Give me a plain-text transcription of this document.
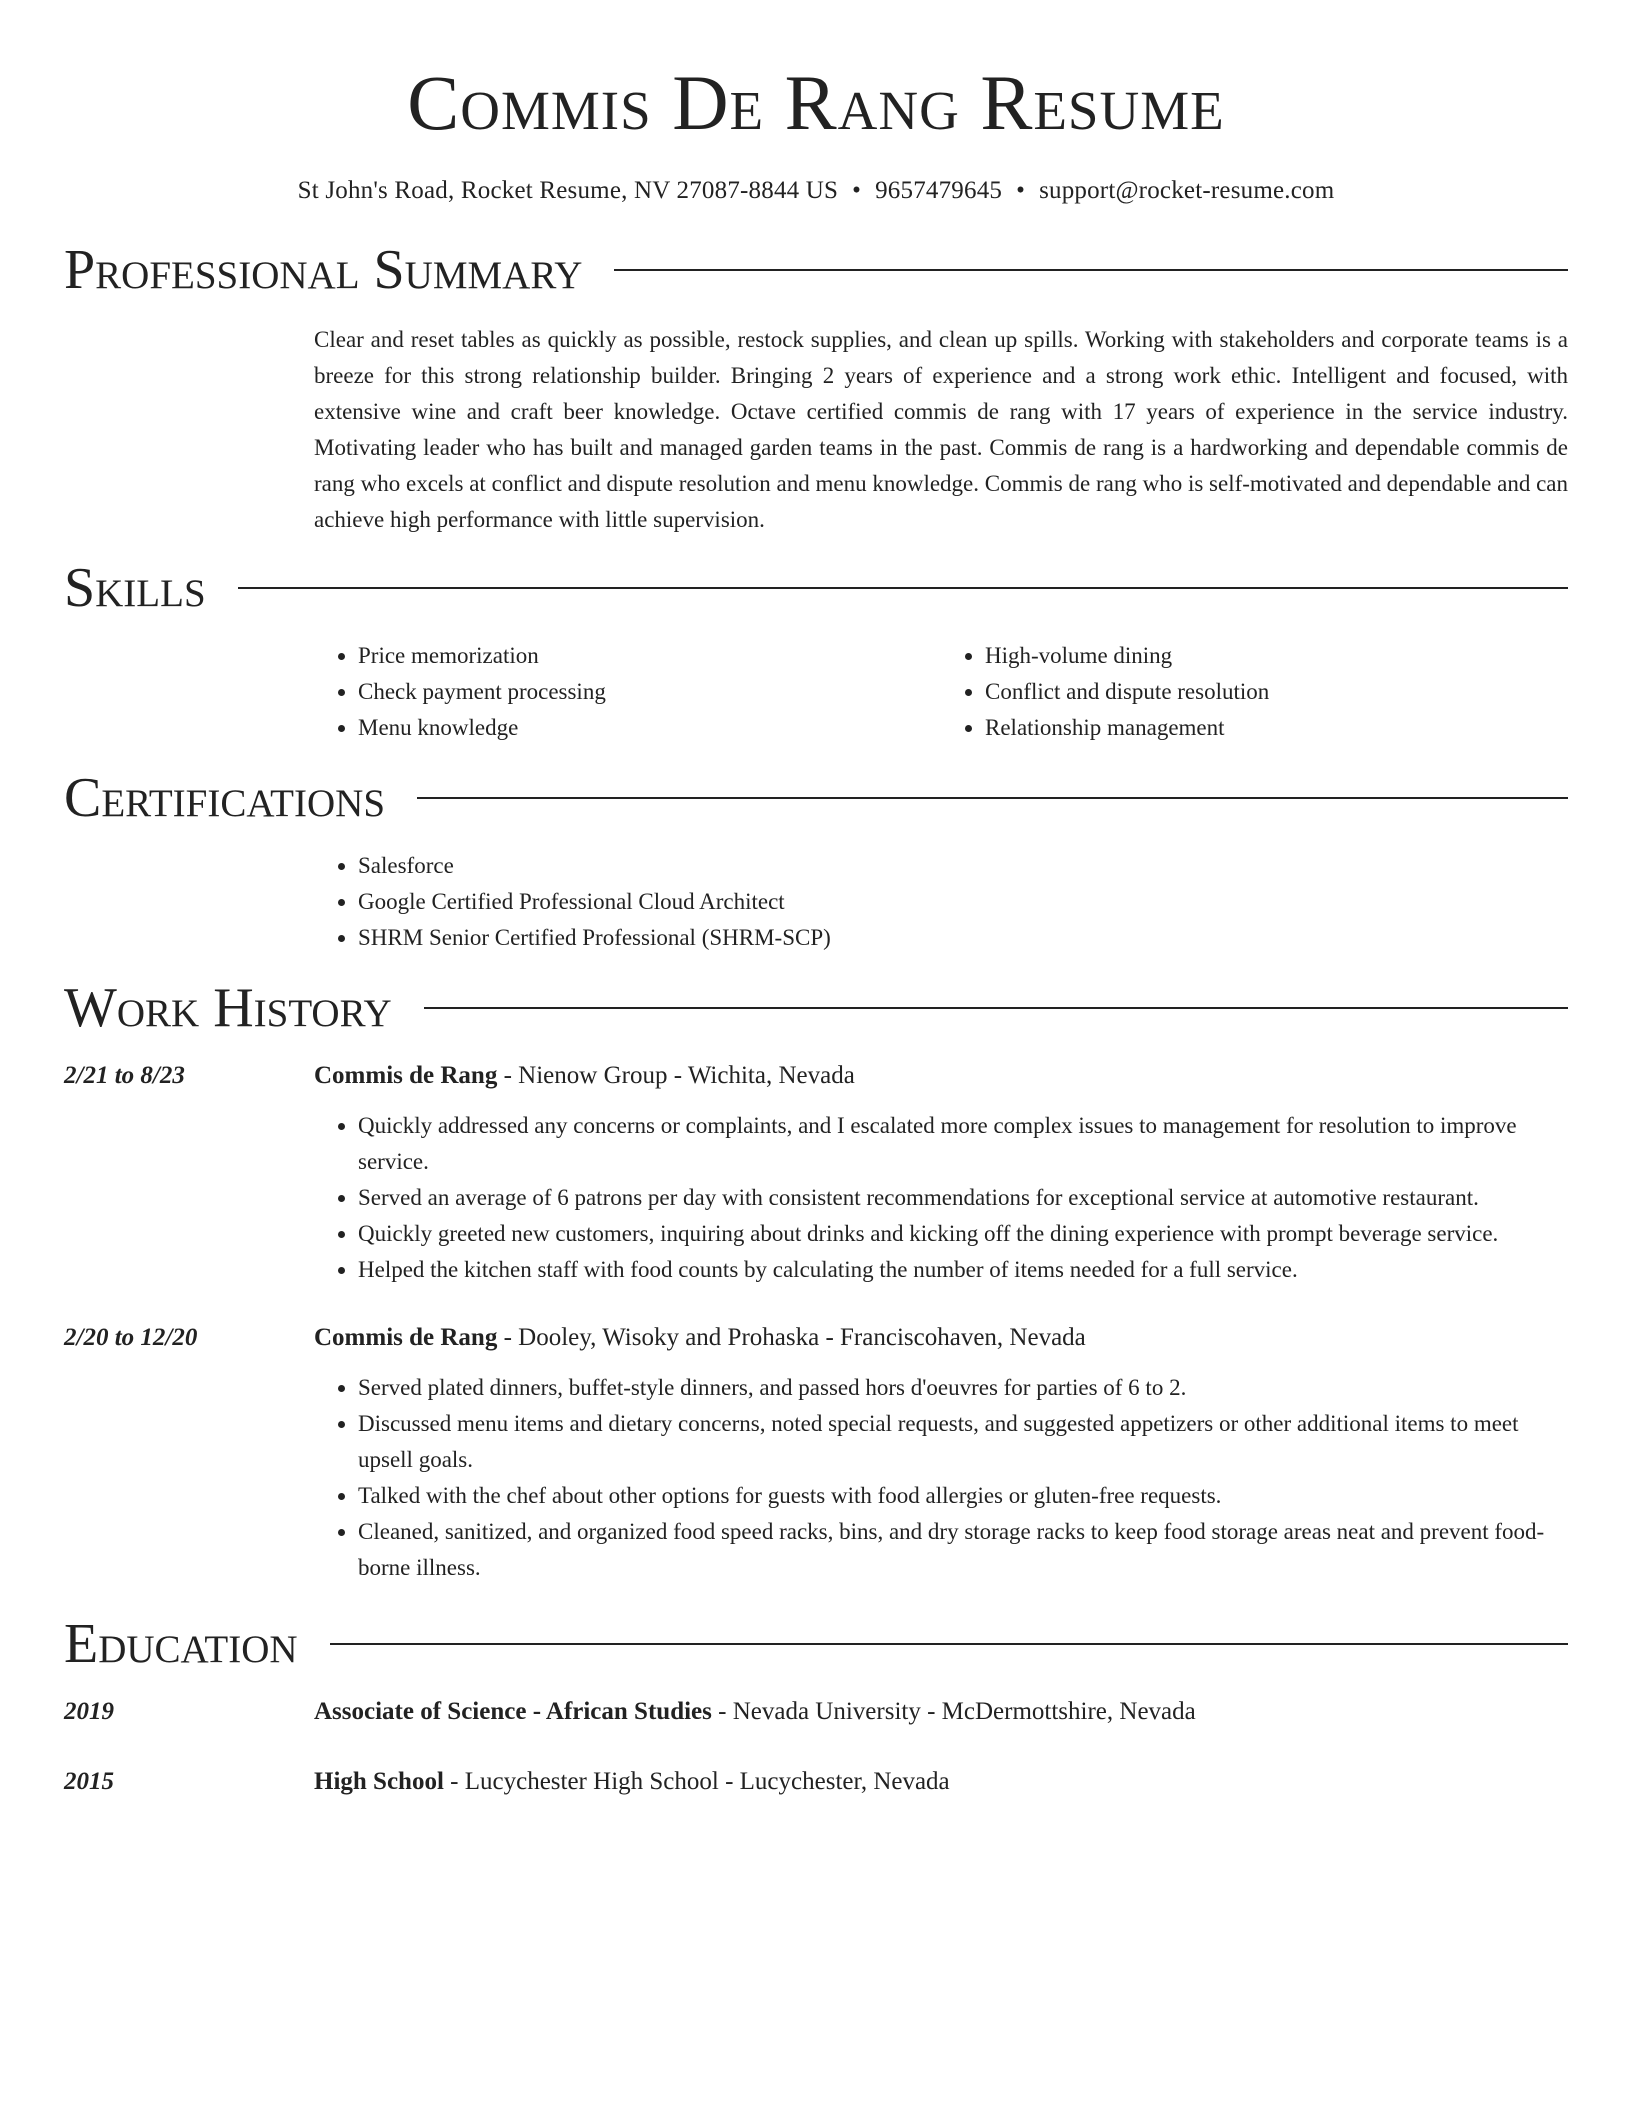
Commis De Rang Resume
St John's Road, Rocket Resume, NV 27087-8844 US • 9657479645 • support@rocket-resume.com
Professional Summary
Clear and reset tables as quickly as possible, restock supplies, and clean up spills. Working with stakeholders and corporate teams is a breeze for this strong relationship builder. Bringing 2 years of experience and a strong work ethic. Intelligent and focused, with extensive wine and craft beer knowledge. Octave certified commis de rang with 17 years of experience in the service industry. Motivating leader who has built and managed garden teams in the past. Commis de rang is a hardworking and dependable commis de rang who excels at conflict and dispute resolution and menu knowledge. Commis de rang who is self-motivated and dependable and can achieve high performance with little supervision.
Skills
• Price memorization
• Check payment processing
• Menu knowledge
• High-volume dining
• Conflict and dispute resolution
• Relationship management
Certifications
• Salesforce
• Google Certified Professional Cloud Architect
• SHRM Senior Certified Professional (SHRM-SCP)
Work History
2/21 to 8/23	Commis de Rang - Nienow Group - Wichita, Nevada
• Quickly addressed any concerns or complaints, and I escalated more complex issues to management for resolution to improve service.
• Served an average of 6 patrons per day with consistent recommendations for exceptional service at automotive restaurant.
• Quickly greeted new customers, inquiring about drinks and kicking off the dining experience with prompt beverage service.
• Helped the kitchen staff with food counts by calculating the number of items needed for a full service.
2/20 to 12/20	Commis de Rang - Dooley, Wisoky and Prohaska - Franciscohaven, Nevada
• Served plated dinners, buffet-style dinners, and passed hors d'oeuvres for parties of 6 to 2.
• Discussed menu items and dietary concerns, noted special requests, and suggested appetizers or other additional items to meet upsell goals.
• Talked with the chef about other options for guests with food allergies or gluten-free requests.
• Cleaned, sanitized, and organized food speed racks, bins, and dry storage racks to keep food storage areas neat and prevent food-borne illness.
Education
2019	Associate of Science - African Studies - Nevada University - McDermottshire, Nevada
2015	High School - Lucychester High School - Lucychester, Nevada
